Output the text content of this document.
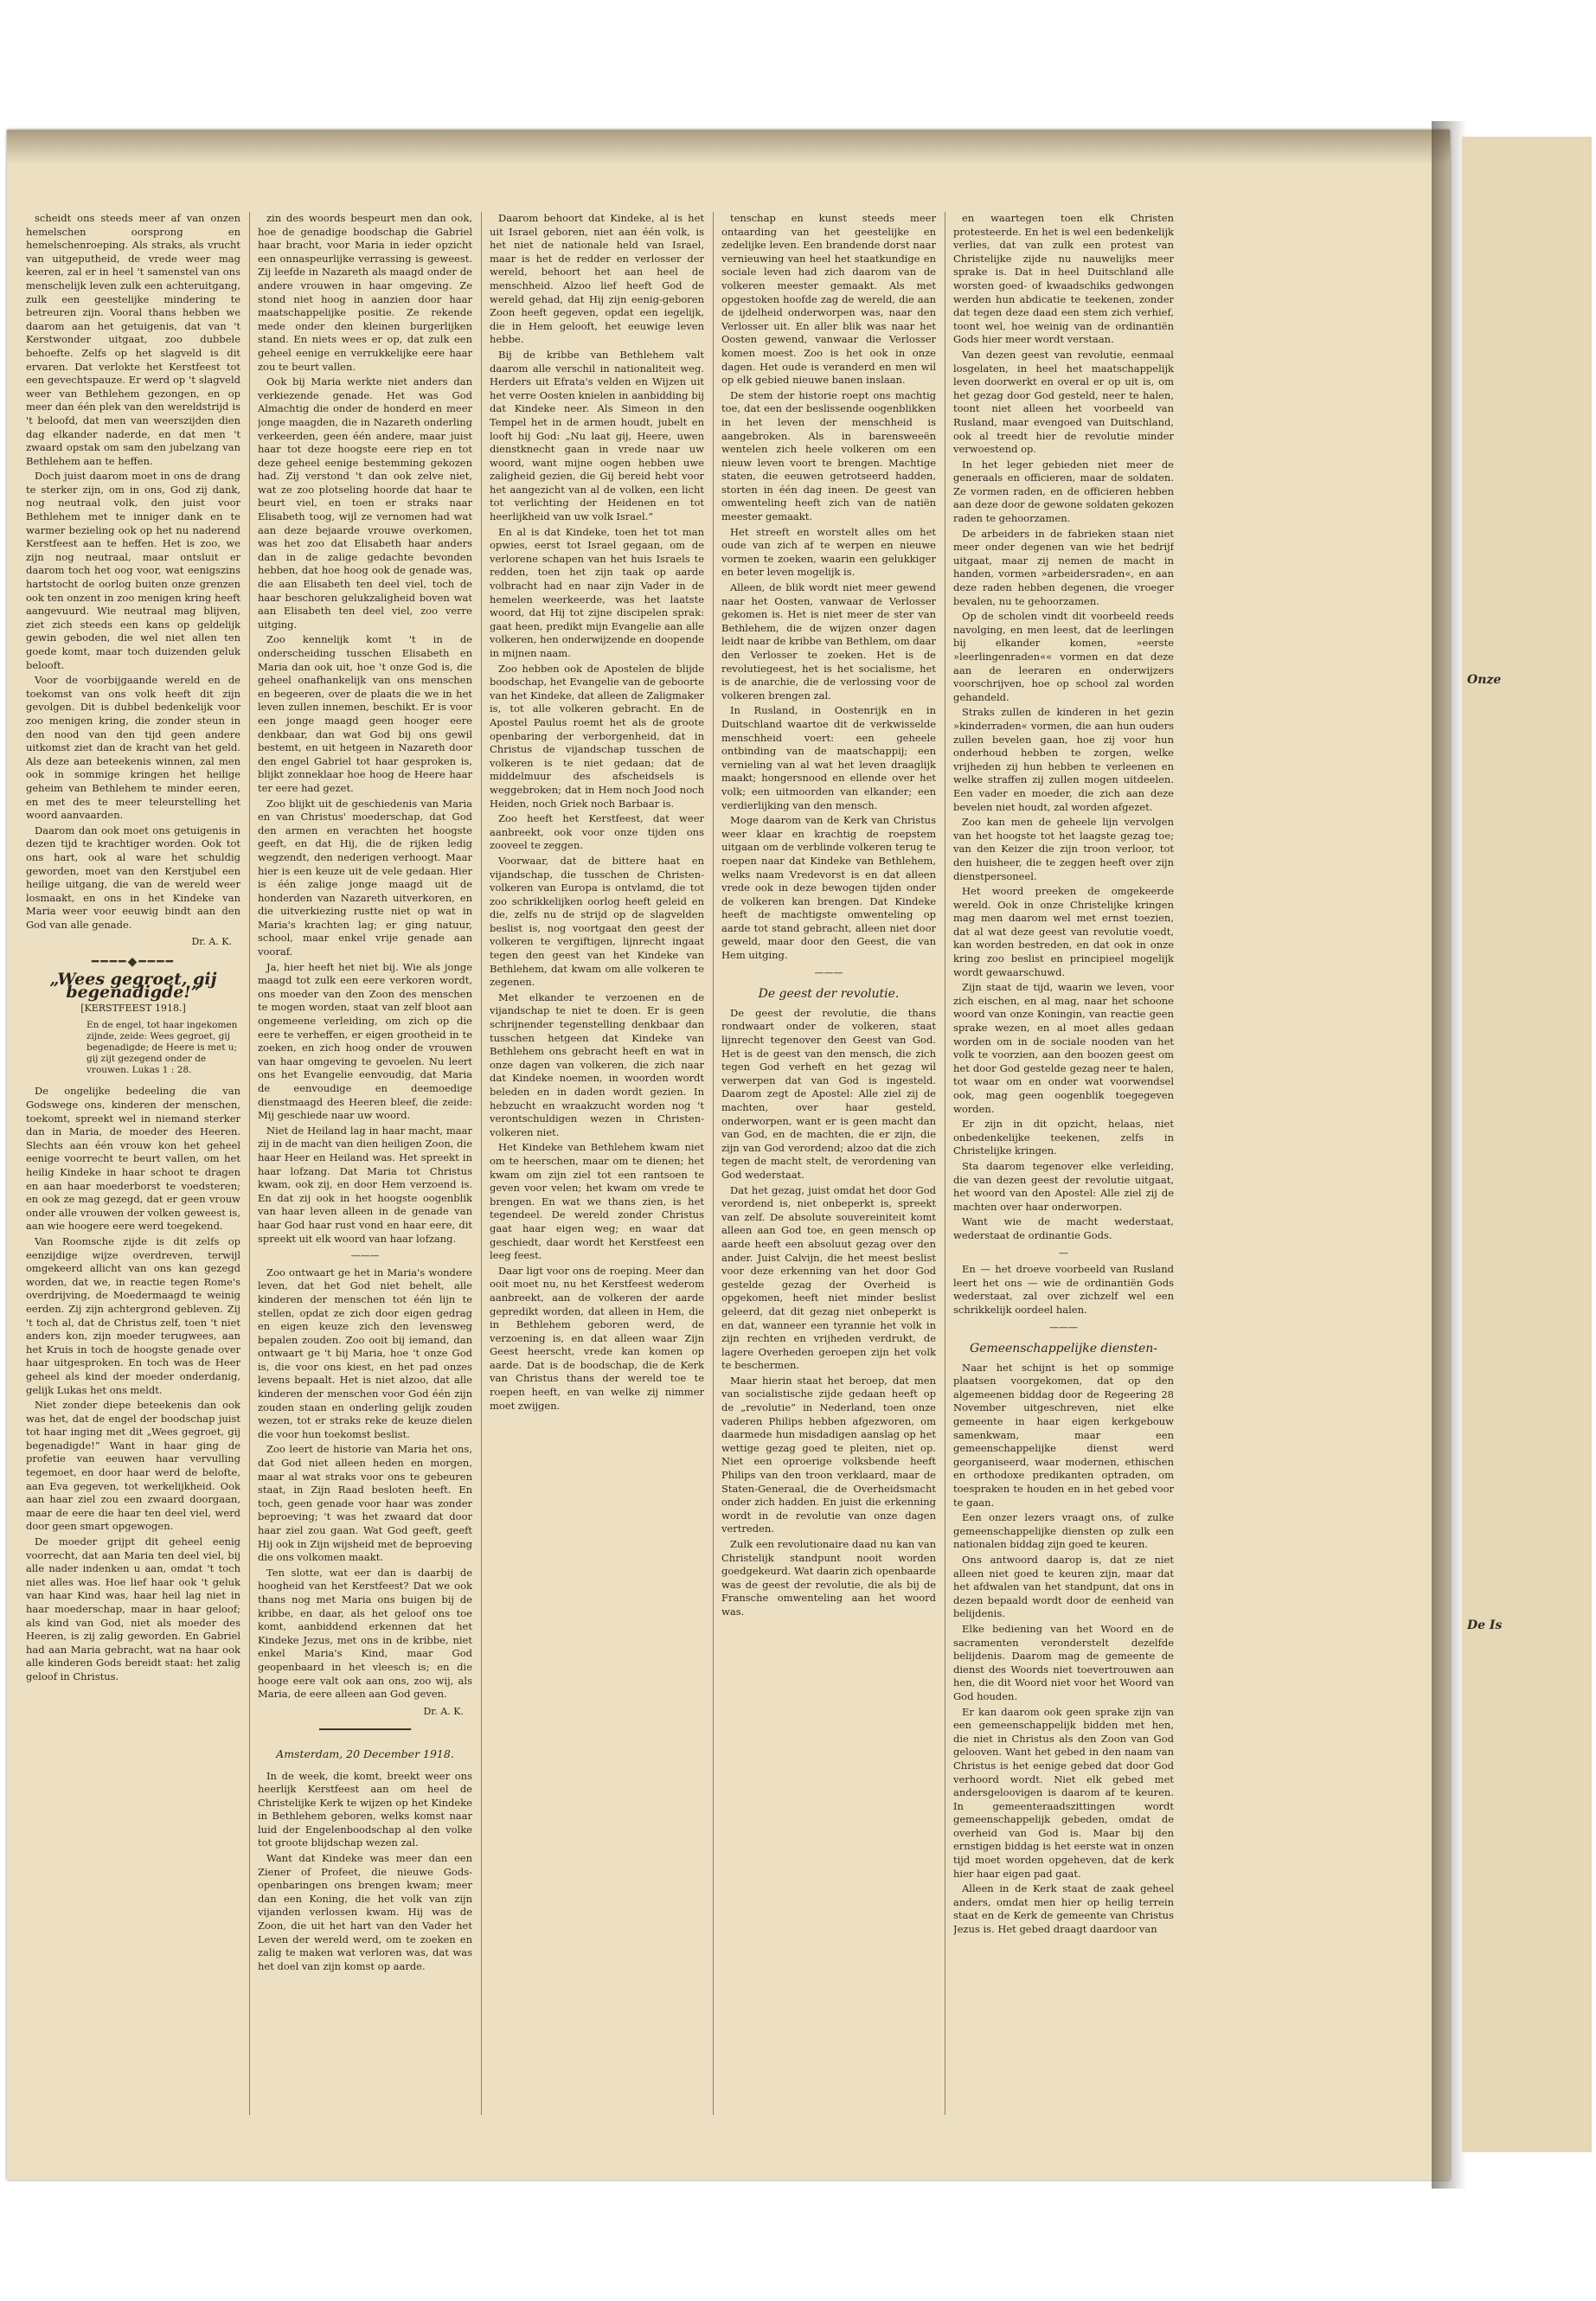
Onze

De Is

scheidt ons steeds meer af van onzen hemelschen oorsprong en hemelschenroeping. Als straks, als vrucht van uitgeputheid, de vrede weer mag keeren, zal er in heel 't samenstel van ons menschelijk leven zulk een achteruitgang, zulk een geestelijke mindering te betreuren zijn. Vooral thans hebben we daarom aan het getuigenis, dat van 't Kerstwonder uitgaat, zoo dubbele behoefte. Zelfs op het slagveld is dit ervaren. Dat verlokte het Kerstfeest tot een gevechtspauze. Er werd op 't slagveld weer van Bethlehem gezongen, en op meer dan één plek van den wereldstrijd is 't beloofd, dat men van weerszijden dien dag elkander naderde, en dat men 't zwaard opstak om sam den jubelzang van Bethlehem aan te heffen.

Doch juist daarom moet in ons de drang te sterker zijn, om in ons, God zij dank, nog neutraal volk, den juist voor Bethlehem met te inniger dank en te warmer bezieling ook op het nu naderend Kerstfeest aan te heffen. Het is zoo, we zijn nog neutraal, maar ontsluit er daarom toch het oog voor, wat eenigszins hartstocht de oorlog buiten onze grenzen ook ten onzent in zoo menigen kring heeft aangevuurd. Wie neutraal mag blijven, ziet zich steeds een kans op geldelijk gewin geboden, die wel niet allen ten goede komt, maar toch duizenden geluk belooft.

Voor de voorbijgaande wereld en de toekomst van ons volk heeft dit zijn gevolgen. Dit is dubbel bedenkelijk voor zoo menigen kring, die zonder steun in den nood van den tijd geen andere uitkomst ziet dan de kracht van het geld. Als deze aan beteekenis winnen, zal men ook in sommige kringen het heilige geheim van Bethlehem te minder eeren, en met des te meer teleurstelling het woord aanvaarden.

Daarom dan ook moet ons getuigenis in dezen tijd te krachtiger worden. Ook tot ons hart, ook al ware het schuldig geworden, moet van den Kerstjubel een heilige uitgang, die van de wereld weer losmaakt, en ons in het Kindeke van Maria weer voor eeuwig bindt aan den God van alle genade.

Dr. A. K.
━━━━◆━━━━
„Wees gegroet, gij begenadigde!”
[KERSTFEEST 1918.]
En de engel, tot haar ingekomen zijnde, zeide: Wees gegroet, gij begenadigde; de Heere is met u; gij zijt gezegend onder de vrouwen. Lukas 1 : 28.

De ongelijke bedeeling die van Godswege ons, kinderen der menschen, toekomt, spreekt wel in niemand sterker dan in Maria, de moeder des Heeren. Slechts aan één vrouw kon het geheel eenige voorrecht te beurt vallen, om het heilig Kindeke in haar schoot te dragen en aan haar moederborst te voedsteren; en ook ze mag gezegd, dat er geen vrouw onder alle vrouwen der volken geweest is, aan wie hoogere eere werd toegekend.

Van Roomsche zijde is dit zelfs op eenzijdige wijze overdreven, terwijl omgekeerd allicht van ons kan gezegd worden, dat we, in reactie tegen Rome's overdrijving, de Moedermaagd te weinig eerden. Zij zijn achtergrond gebleven. Zij 't toch al, dat de Christus zelf, toen 't niet anders kon, zijn moeder terugwees, aan het Kruis in toch de hoogste genade over haar uitgesproken. En toch was de Heer geheel als kind der moeder onderdanig, gelijk Lukas het ons meldt.

Niet zonder diepe beteekenis dan ook was het, dat de engel der boodschap juist tot haar inging met dit „Wees gegroet, gij begenadigde!” Want in haar ging de profetie van eeuwen haar vervulling tegemoet, en door haar werd de belofte, aan Eva gegeven, tot werkelijkheid. Ook aan haar ziel zou een zwaard doorgaan, maar de eere die haar ten deel viel, werd door geen smart opgewogen.

De moeder grijpt dit geheel eenig voorrecht, dat aan Maria ten deel viel, bij alle nader indenken u aan, omdat 't toch niet alles was. Hoe lief haar ook 't geluk van haar Kind was, haar heil lag niet in haar moederschap, maar in haar geloof; als kind van God, niet als moeder des Heeren, is zij zalig geworden. En Gabriel had aan Maria gebracht, wat na haar ook alle kinderen Gods bereidt staat: het zalig geloof in Christus.

zin des woords bespeurt men dan ook, hoe de genadige boodschap die Gabriel haar bracht, voor Maria in ieder opzicht een onnaspeurlijke verrassing is geweest. Zij leefde in Nazareth als maagd onder de andere vrouwen in haar omgeving. Ze stond niet hoog in aanzien door haar maatschappelijke positie. Ze rekende mede onder den kleinen burgerlijken stand. En niets wees er op, dat zulk een geheel eenige en verrukkelijke eere haar zou te beurt vallen.

Ook bij Maria werkte niet anders dan verkiezende genade. Het was God Almachtig die onder de honderd en meer jonge maagden, die in Nazareth onderling verkeerden, geen één andere, maar juist haar tot deze hoogste eere riep en tot deze geheel eenige bestemming gekozen had. Zij verstond 't dan ook zelve niet, wat ze zoo plotseling hoorde dat haar te beurt viel, en toen er straks naar Elisabeth toog, wijl ze vernomen had wat aan deze bejaarde vrouwe overkomen, was het zoo dat Elisabeth haar anders dan in de zalige gedachte bevonden hebben, dat hoe hoog ook de genade was, die aan Elisabeth ten deel viel, toch de haar beschoren gelukzaligheid boven wat aan Elisabeth ten deel viel, zoo verre uitging.

Zoo kennelijk komt 't in de onderscheiding tusschen Elisabeth en Maria dan ook uit, hoe 't onze God is, die geheel onafhankelijk van ons menschen en begeeren, over de plaats die we in het leven zullen innemen, beschikt. Er is voor een jonge maagd geen hooger eere denkbaar, dan wat God bij ons gewil bestemt, en uit hetgeen in Nazareth door den engel Gabriel tot haar gesproken is, blijkt zonneklaar hoe hoog de Heere haar ter eere had gezet.

Zoo blijkt uit de geschiedenis van Maria en van Christus' moederschap, dat God den armen en verachten het hoogste geeft, en dat Hij, die de rijken ledig wegzendt, den nederigen verhoogt. Maar hier is een keuze uit de vele gedaan. Hier is één zalige jonge maagd uit de honderden van Nazareth uitverkoren, en die uitverkiezing rustte niet op wat in Maria's krachten lag; er ging natuur, school, maar enkel vrije genade aan vooraf.

Ja, hier heeft het niet bij. Wie als jonge maagd tot zulk een eere verkoren wordt, ons moeder van den Zoon des menschen te mogen worden, staat van zelf bloot aan ongemeene verleiding, om zich op die eere te verheffen, er eigen grootheid in te zoeken, en zich hoog onder de vrouwen van haar omgeving te gevoelen. Nu leert ons het Evangelie eenvoudig, dat Maria de eenvoudige en deemoedige dienstmaagd des Heeren bleef, die zeide: Mij geschiede naar uw woord.

Niet de Heiland lag in haar macht, maar zij in de macht van dien heiligen Zoon, die haar Heer en Heiland was. Het spreekt in haar lofzang. Dat Maria tot Christus kwam, ook zij, en door Hem verzoend is. En dat zij ook in het hoogste oogenblik van haar leven alleen in de genade van haar God haar rust vond en haar eere, dit spreekt uit elk woord van haar lofzang.

———

Zoo ontwaart ge het in Maria's wondere leven, dat het God niet behelt, alle kinderen der menschen tot één lijn te stellen, opdat ze zich door eigen gedrag en eigen keuze zich den levensweg bepalen zouden. Zoo ooit bij iemand, dan ontwaart ge 't bij Maria, hoe 't onze God is, die voor ons kiest, en het pad onzes levens bepaalt. Het is niet alzoo, dat alle kinderen der menschen voor God één zijn zouden staan en onderling gelijk zouden wezen, tot er straks reke de keuze dielen die voor hun toekomst beslist.

Zoo leert de historie van Maria het ons, dat God niet alleen heden en morgen, maar al wat straks voor ons te gebeuren staat, in Zijn Raad besloten heeft. En toch, geen genade voor haar was zonder beproeving; 't was het zwaard dat door haar ziel zou gaan. Wat God geeft, geeft Hij ook in Zijn wijsheid met de beproeving die ons volkomen maakt.

Ten slotte, wat eer dan is daarbij de hoogheid van het Kerstfeest? Dat we ook thans nog met Maria ons buigen bij de kribbe, en daar, als het geloof ons toe komt, aanbiddend erkennen dat het Kindeke Jezus, met ons in de kribbe, niet enkel Maria's Kind, maar God geopenbaard in het vleesch is; en die hooge eere valt ook aan ons, zoo wij, als Maria, de eere alleen aan God geven.

Dr. A. K.
━━━━━━━━━━━━━━━━
Amsterdam, 20 December 1918.

In de week, die komt, breekt weer ons heerlijk Kerstfeest aan om heel de Christelijke Kerk te wijzen op het Kindeke in Bethlehem geboren, welks komst naar luid der Engelenboodschap al den volke tot groote blijdschap wezen zal.

Want dat Kindeke was meer dan een Ziener of Profeet, die nieuwe Gods-openbaringen ons brengen kwam; meer dan een Koning, die het volk van zijn vijanden verlossen kwam. Hij was de Zoon, die uit het hart van den Vader het Leven der wereld werd, om te zoeken en zalig te maken wat verloren was, dat was het doel van zijn komst op aarde.

Daarom behoort dat Kindeke, al is het uit Israel geboren, niet aan één volk, is het niet de nationale held van Israel, maar is het de redder en verlosser der wereld, behoort het aan heel de menschheid. Alzoo lief heeft God de wereld gehad, dat Hij zijn eenig-geboren Zoon heeft gegeven, opdat een iegelijk, die in Hem gelooft, het eeuwige leven hebbe.

Bij de kribbe van Bethlehem valt daarom alle verschil in nationaliteit weg. Herders uit Efrata's velden en Wijzen uit het verre Oosten knielen in aanbidding bij dat Kindeke neer. Als Simeon in den Tempel het in de armen houdt, jubelt en looft hij God: „Nu laat gij, Heere, uwen dienstknecht gaan in vrede naar uw woord, want mijne oogen hebben uwe zaligheid gezien, die Gij bereid hebt voor het aangezicht van al de volken, een licht tot verlichting der Heidenen en tot heerlijkheid van uw volk Israel.”

En al is dat Kindeke, toen het tot man opwies, eerst tot Israel gegaan, om de verlorene schapen van het huis Israels te redden, toen het zijn taak op aarde volbracht had en naar zijn Vader in de hemelen weerkeerde, was het laatste woord, dat Hij tot zijne discipelen sprak: gaat heen, predikt mijn Evangelie aan alle volkeren, hen onderwijzende en doopende in mijnen naam.

Zoo hebben ook de Apostelen de blijde boodschap, het Evangelie van de geboorte van het Kindeke, dat alleen de Zaligmaker is, tot alle volkeren gebracht. En de Apostel Paulus roemt het als de groote openbaring der verborgenheid, dat in Christus de vijandschap tusschen de volkeren is te niet gedaan; dat de middelmuur des afscheidsels is weggebroken; dat in Hem noch Jood noch Heiden, noch Griek noch Barbaar is.

Zoo heeft het Kerstfeest, dat weer aanbreekt, ook voor onze tijden ons zooveel te zeggen.

Voorwaar, dat de bittere haat en vijandschap, die tusschen de Christen-volkeren van Europa is ontvlamd, die tot zoo schrikkelijken oorlog heeft geleid en die, zelfs nu de strijd op de slagvelden beslist is, nog voortgaat den geest der volkeren te vergiftigen, lijnrecht ingaat tegen den geest van het Kindeke van Bethlehem, dat kwam om alle volkeren te zegenen.

Met elkander te verzoenen en de vijandschap te niet te doen. Er is geen schrijnender tegenstelling denkbaar dan tusschen hetgeen dat Kindeke van Bethlehem ons gebracht heeft en wat in onze dagen van volkeren, die zich naar dat Kindeke noemen, in woorden wordt beleden en in daden wordt gezien. In hebzucht en wraakzucht worden nog 't verontschuldigen wezen in Christen-volkeren niet.

Het Kindeke van Bethlehem kwam niet om te heerschen, maar om te dienen; het kwam om zijn ziel tot een rantsoen te geven voor velen; het kwam om vrede te brengen. En wat we thans zien, is het tegendeel. De wereld zonder Christus gaat haar eigen weg; en waar dat geschiedt, daar wordt het Kerstfeest een leeg feest.

Daar ligt voor ons de roeping. Meer dan ooit moet nu, nu het Kerstfeest wederom aanbreekt, aan de volkeren der aarde gepredikt worden, dat alleen in Hem, die in Bethlehem geboren werd, de verzoening is, en dat alleen waar Zijn Geest heerscht, vrede kan komen op aarde. Dat is de boodschap, die de Kerk van Christus thans der wereld toe te roepen heeft, en van welke zij nimmer moet zwijgen.

tenschap en kunst steeds meer ontaarding van het geestelijke en zedelijke leven. Een brandende dorst naar vernieuwing van heel het staatkundige en sociale leven had zich daarom van de volkeren meester gemaakt. Als met opgestoken hoofde zag de wereld, die aan de ijdelheid onderworpen was, naar den Verlosser uit. En aller blik was naar het Oosten gewend, vanwaar die Verlosser komen moest. Zoo is het ook in onze dagen. Het oude is veranderd en men wil op elk gebied nieuwe banen inslaan.

De stem der historie roept ons machtig toe, dat een der beslissende oogenblikken in het leven der menschheid is aangebroken. Als in barensweeën wentelen zich heele volkeren om een nieuw leven voort te brengen. Machtige staten, die eeuwen getrotseerd hadden, storten in één dag ineen. De geest van omwenteling heeft zich van de natiën meester gemaakt.

Het streeft en worstelt alles om het oude van zich af te werpen en nieuwe vormen te zoeken, waarin een gelukkiger en beter leven mogelijk is.

Alleen, de blik wordt niet meer gewend naar het Oosten, vanwaar de Verlosser gekomen is. Het is niet meer de ster van Bethlehem, die de wijzen onzer dagen leidt naar de kribbe van Bethlem, om daar den Verlosser te zoeken. Het is de revolutiegeest, het is het socialisme, het is de anarchie, die de verlossing voor de volkeren brengen zal.

In Rusland, in Oostenrijk en in Duitschland waartoe dit de verkwisselde menschheid voert: een geheele ontbinding van de maatschappij; een vernieling van al wat het leven draaglijk maakt; hongersnood en ellende over het volk; een uitmoorden van elkander; een verdierlijking van den mensch.

Moge daarom van de Kerk van Christus weer klaar en krachtig de roepstem uitgaan om de verblinde volkeren terug te roepen naar dat Kindeke van Bethlehem, welks naam Vredevorst is en dat alleen vrede ook in deze bewogen tijden onder de volkeren kan brengen. Dat Kindeke heeft de machtigste omwenteling op aarde tot stand gebracht, alleen niet door geweld, maar door den Geest, die van Hem uitging.

———
De geest der revolutie.

De geest der revolutie, die thans rondwaart onder de volkeren, staat lijnrecht tegenover den Geest van God. Het is de geest van den mensch, die zich tegen God verheft en het gezag wil verwerpen dat van God is ingesteld. Daarom zegt de Apostel: Alle ziel zij de machten, over haar gesteld, onderworpen, want er is geen macht dan van God, en de machten, die er zijn, die zijn van God verordend; alzoo dat die zich tegen de macht stelt, de verordening van God wederstaat.

Dat het gezag, juist omdat het door God verordend is, niet onbeperkt is, spreekt van zelf. De absolute souvereiniteit komt alleen aan God toe, en geen mensch op aarde heeft een absoluut gezag over den ander. Juist Calvijn, die het meest beslist voor deze erkenning van het door God gestelde gezag der Overheid is opgekomen, heeft niet minder beslist geleerd, dat dit gezag niet onbeperkt is en dat, wanneer een tyrannie het volk in zijn rechten en vrijheden verdrukt, de lagere Overheden geroepen zijn het volk te beschermen.

Maar hierin staat het beroep, dat men van socialistische zijde gedaan heeft op de „revolutie” in Nederland, toen onze vaderen Philips hebben afgezworen, om daarmede hun misdadigen aanslag op het wettige gezag goed te pleiten, niet op. Niet een oproerige volksbende heeft Philips van den troon verklaard, maar de Staten-Generaal, die de Overheidsmacht onder zich hadden. En juist die erkenning wordt in de revolutie van onze dagen vertreden.

Zulk een revolutionaire daad nu kan van Christelijk standpunt nooit worden goedgekeurd. Wat daarin zich openbaarde was de geest der revolutie, die als bij de Fransche omwenteling aan het woord was.

en waartegen toen elk Christen protesteerde. En het is wel een bedenkelijk verlies, dat van zulk een protest van Christelijke zijde nu nauwelijks meer sprake is. Dat in heel Duitschland alle worsten goed- of kwaadschiks gedwongen werden hun abdicatie te teekenen, zonder dat tegen deze daad een stem zich verhief, toont wel, hoe weinig van de ordinantiën Gods hier meer wordt verstaan.

Van dezen geest van revolutie, eenmaal losgelaten, in heel het maatschappelijk leven doorwerkt en overal er op uit is, om het gezag door God gesteld, neer te halen, toont niet alleen het voorbeeld van Rusland, maar evengoed van Duitschland, ook al treedt hier de revolutie minder verwoestend op.

In het leger gebieden niet meer de generaals en officieren, maar de soldaten. Ze vormen raden, en de officieren hebben aan deze door de gewone soldaten gekozen raden te gehoorzamen.

De arbeiders in de fabrieken staan niet meer onder degenen van wie het bedrijf uitgaat, maar zij nemen de macht in handen, vormen »arbeidersraden«, en aan deze raden hebben degenen, die vroeger bevalen, nu te gehoorzamen.

Op de scholen vindt dit voorbeeld reeds navolging, en men leest, dat de leerlingen bij elkander komen, »eerste »leerlingenraden«« vormen en dat deze aan de leeraren en onderwijzers voorschrijven, hoe op school zal worden gehandeld.

Straks zullen de kinderen in het gezin »kinderraden« vormen, die aan hun ouders zullen bevelen gaan, hoe zij voor hun onderhoud hebben te zorgen, welke vrijheden zij hun hebben te verleenen en welke straffen zij zullen mogen uitdeelen. Een vader en moeder, die zich aan deze bevelen niet houdt, zal worden afgezet.

Zoo kan men de geheele lijn vervolgen van het hoogste tot het laagste gezag toe; van den Keizer die zijn troon verloor, tot den huisheer, die te zeggen heeft over zijn dienstpersoneel.

Het woord preeken de omgekeerde wereld. Ook in onze Christelijke kringen mag men daarom wel met ernst toezien, dat al wat deze geest van revolutie voedt, kan worden bestreden, en dat ook in onze kring zoo beslist en principieel mogelijk wordt gewaarschuwd.

Zijn staat de tijd, waarin we leven, voor zich eischen, en al mag, naar het schoone woord van onze Koningin, van reactie geen sprake wezen, en al moet alles gedaan worden om in de sociale nooden van het volk te voorzien, aan den boozen geest om het door God gestelde gezag neer te halen, tot waar om en onder wat voorwendsel ook, mag geen oogenblik toegegeven worden.

Er zijn in dit opzicht, helaas, niet onbedenkelijke teekenen, zelfs in Christelijke kringen.

Sta daarom tegenover elke verleiding, die van dezen geest der revolutie uitgaat, het woord van den Apostel: Alle ziel zij de machten over haar onderworpen.

Want wie de macht wederstaat, wederstaat de ordinantie Gods.

—

En — het droeve voorbeeld van Rusland leert het ons — wie de ordinantiën Gods wederstaat, zal over zichzelf wel een schrikkelijk oordeel halen.

———
Gemeenschappelijke diensten-

Naar het schijnt is het op sommige plaatsen voorgekomen, dat op den algemeenen biddag door de Regeering 28 November uitgeschreven, niet elke gemeente in haar eigen kerkgebouw samenkwam, maar een gemeenschappelijke dienst werd georganiseerd, waar modernen, ethischen en orthodoxe predikanten optraden, om toespraken te houden en in het gebed voor te gaan.

Een onzer lezers vraagt ons, of zulke gemeenschappelijke diensten op zulk een nationalen biddag zijn goed te keuren.

Ons antwoord daarop is, dat ze niet alleen niet goed te keuren zijn, maar dat het afdwalen van het standpunt, dat ons in dezen bepaald wordt door de eenheid van belijdenis.

Elke bediening van het Woord en de sacramenten veronderstelt dezelfde belijdenis. Daarom mag de gemeente de dienst des Woords niet toevertrouwen aan hen, die dit Woord niet voor het Woord van God houden.

Er kan daarom ook geen sprake zijn van een gemeenschappelijk bidden met hen, die niet in Christus als den Zoon van God gelooven. Want het gebed in den naam van Christus is het eenige gebed dat door God verhoord wordt. Niet elk gebed met andersgeloovigen is daarom af te keuren. In gemeenteraadszittingen wordt gemeenschappelijk gebeden, omdat de overheid van God is. Maar bij den ernstigen biddag is het eerste wat in onzen tijd moet worden opgeheven, dat de kerk hier haar eigen pad gaat.

Alleen in de Kerk staat de zaak geheel anders, omdat men hier op heilig terrein staat en de Kerk de gemeente van Christus Jezus is. Het gebed draagt daardoor van
